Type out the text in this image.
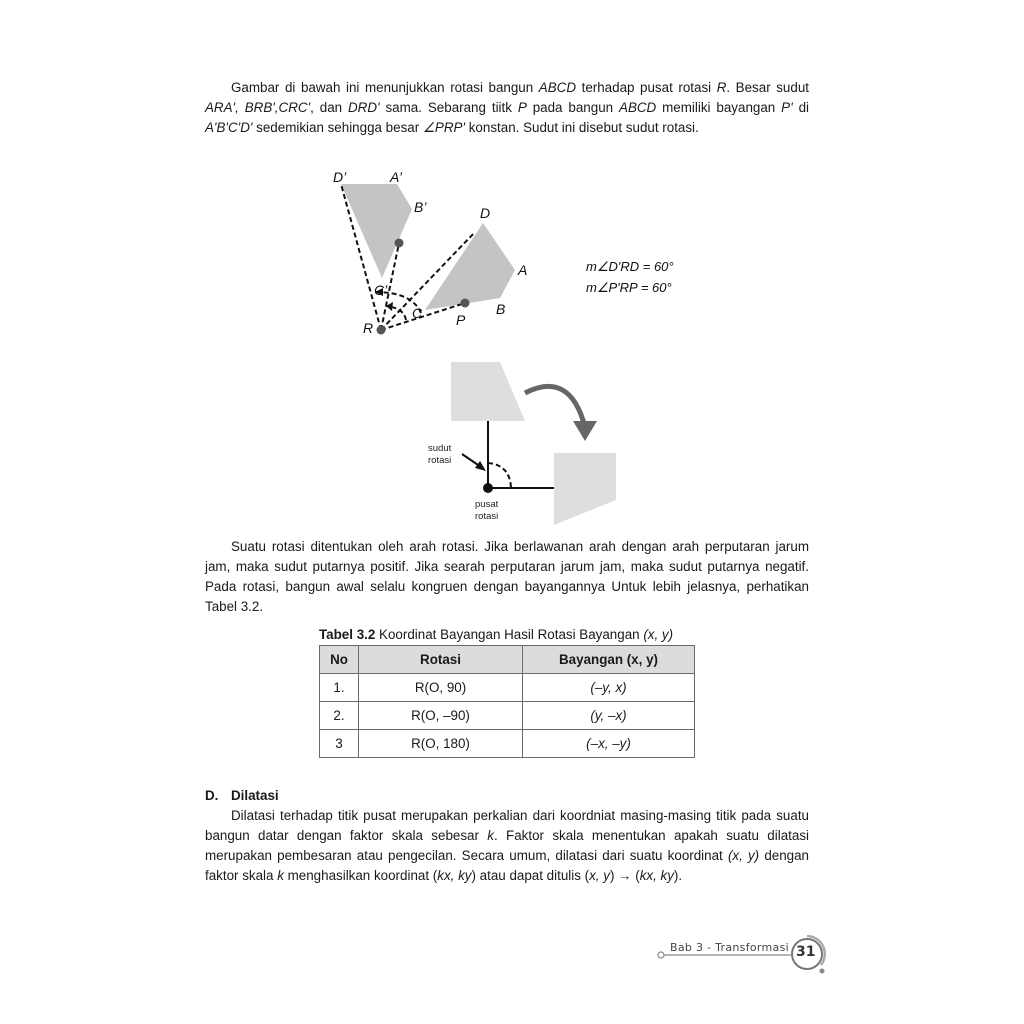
Gambar di bawah ini menunjukkan rotasi bangun ABCD terhadap pusat rotasi R. Besar sudut ARA', BRB',CRC', dan DRD' sama. Sebarang tiitk P pada bangun ABCD memiliki bayangan P' di A'B'C'D' sedemikian sehingga besar ∠PRP' konstan. Sudut ini disebut sudut rotasi.
D’	A’
B’
C’
D
A
B
C P
R
m∠D'RD = 60°
m∠P'RP = 60°
sudut
rotasi
pusat
rotasi
Suatu rotasi ditentukan oleh arah rotasi. Jika berlawanan arah dengan arah perputaran jarum jam, maka sudut putarnya positif. Jika searah perputaran jarum jam, maka sudut putarnya negatif. Pada rotasi, bangun awal selalu kongruen dengan bayangannya Untuk lebih jelasnya, perhatikan Tabel 3.2.
Tabel 3.2 Koordinat Bayangan Hasil Rotasi Bayangan (x, y)
No	Rotasi	Bayangan (x, y)
1.	R(O, 90)	(–y, x)
2.	R(O, –90)	(y, –x)
3	R(O, 180)	(–x, –y)
D. Dilatasi
Dilatasi terhadap titik pusat merupakan perkalian dari koordniat masing-masing titik pada suatu bangun datar dengan faktor skala sebesar k. Faktor skala menentukan apakah suatu dilatasi merupakan pembesaran atau pengecilan. Secara umum, dilatasi dari suatu koordinat (x, y) dengan faktor skala k menghasilkan koordinat (kx, ky) atau dapat ditulis (x, y) → (kx, ky).
Bab 3 - Transformasi 31
